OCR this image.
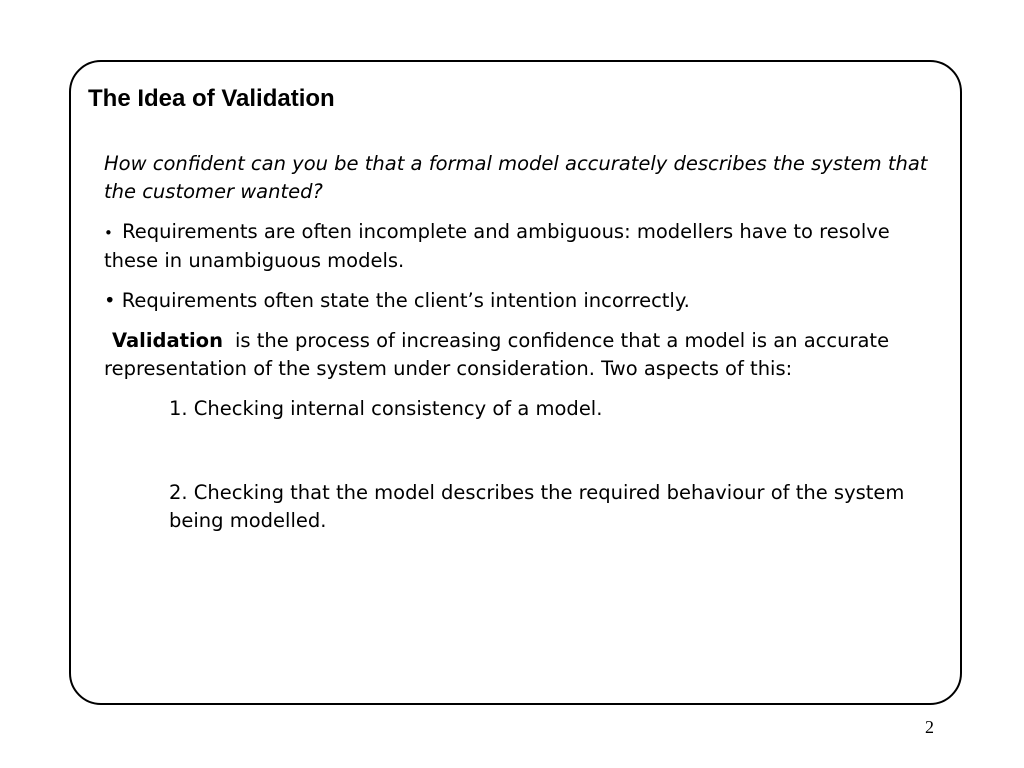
The Idea of Validation

How confident can you be that a formal model accurately describes the system that the customer wanted?

• Requirements are often incomplete and ambiguous: modellers have to resolve these in unambiguous models.

• Requirements often state the client’s intention incorrectly.

Validation is the process of increasing confidence that a model is an accurate representation of the system under consideration. Two aspects of this:

1. Checking internal consistency of a model.

2. Checking that the model describes the required behaviour of the system being modelled.

2
